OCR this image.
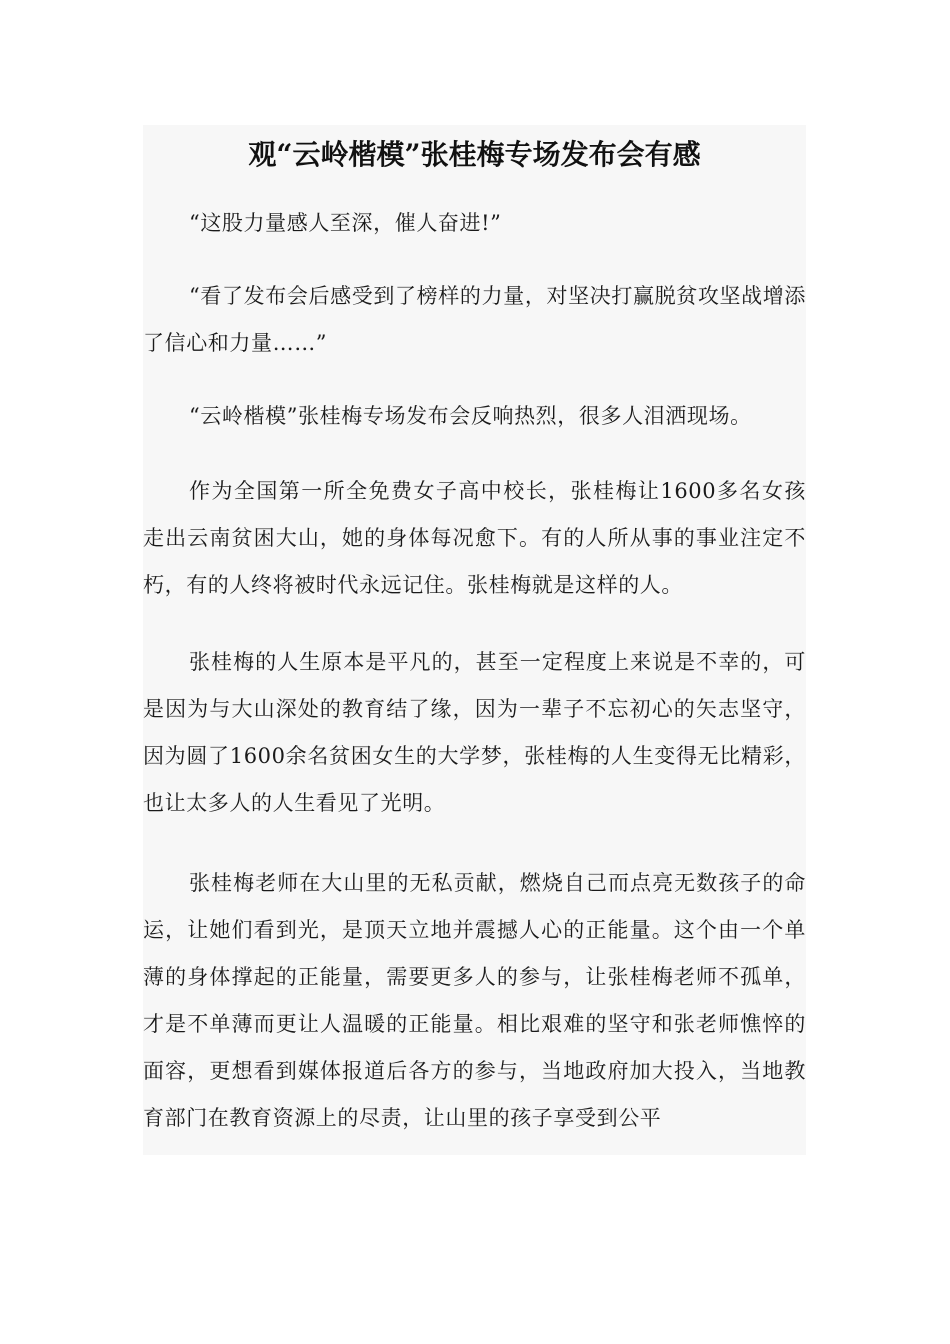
观“云岭楷模”张桂梅专场发布会有感

“这股力量感人至深，催人奋进!”

“看了发布会后感受到了榜样的力量，对坚决打赢脱贫攻坚战增添了信心和力量……”

“云岭楷模”张桂梅专场发布会反响热烈，很多人泪洒现场。

作为全国第一所全免费女子高中校长，张桂梅让1600多名女孩走出云南贫困大山，她的身体每况愈下。有的人所从事的事业注定不朽，有的人终将被时代永远记住。张桂梅就是这样的人。

张桂梅的人生原本是平凡的，甚至一定程度上来说是不幸的，可是因为与大山深处的教育结了缘，因为一辈子不忘初心的矢志坚守，因为圆了1600余名贫困女生的大学梦，张桂梅的人生变得无比精彩，也让太多人的人生看见了光明。

张桂梅老师在大山里的无私贡献，燃烧自己而点亮无数孩子的命运，让她们看到光，是顶天立地并震撼人心的正能量。这个由一个单薄的身体撑起的正能量，需要更多人的参与，让张桂梅老师不孤单，才是不单薄而更让人温暖的正能量。相比艰难的坚守和张老师憔悴的面容，更想看到媒体报道后各方的参与，当地政府加大投入，当地教育部门在教育资源上的尽责，让山里的孩子享受到公平
